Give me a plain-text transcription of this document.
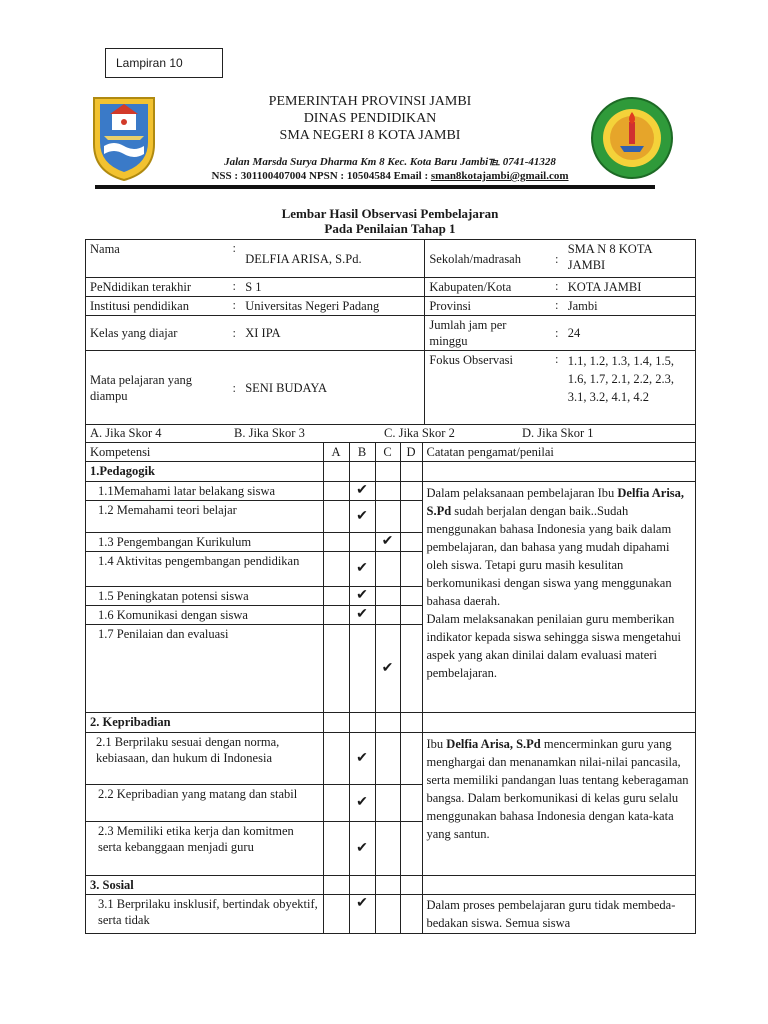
Lampiran 10
PEMERINTAH PROVINSI JAMBI
DINAS PENDIDIKAN
SMA NEGERI 8 KOTA JAMBI
Jalan Marsda Surya Dharma Km 8 Kec. Kota Baru Jambi℡ 0741-41328
NSS : 301100407004 NPSN : 10504584 Email : sman8kotajambi@gmail.com
Lembar Hasil Observasi Pembelajaran
Pada Penilaian Tahap 1
Nama	:	DELFIA ARISA, S.Pd.	Sekolah/madrasah	:	SMA N 8 KOTA JAMBI
PeNdidikan terakhir	:	S 1	Kabupaten/Kota	:	KOTA JAMBI
Institusi pendidikan	:	Universitas Negeri Padang	Provinsi	:	Jambi
Kelas yang diajar	:	XI IPA	Jumlah jam per minggu	:	24
Mata pelajaran yang diampu	:	SENI BUDAYA	Fokus Observasi	:	1.1, 1.2, 1.3, 1.4, 1.5, 1.6, 1.7, 2.1, 2.2, 2.3, 3.1, 3.2, 4.1, 4.2
A. Jika Skor 4 B. Jika Skor 3 C. Jika Skor 2 D. Jika Skor 1					
Kompetensi	A	B	C	D	Catatan pengamat/penilai
1.Pedagogik					
1.1Memahami latar belakang siswa		✔			Dalam pelaksanaan pembelajaran Ibu Delfia Arisa, S.Pd sudah berjalan dengan baik..Sudah menggunakan bahasa Indonesia yang baik dalam pembelajaran, dan bahasa yang mudah dipahami oleh siswa. Tetapi guru masih kesulitan berkomunikasi dengan siswa yang menggunakan bahasa daerah.
Dalam melaksanakan penilaian guru memberikan indikator kepada siswa sehingga siswa mengetahui aspek yang akan dinilai dalam evaluasi materi pembelajaran.
1.2 Memahami teori belajar		✔			
1.3 Pengembangan Kurikulum			✔		
1.4 Aktivitas pengembangan pendidikan		✔			
1.5 Peningkatan potensi siswa		✔			
1.6 Komunikasi dengan siswa		✔			
1.7 Penilaian dan evaluasi			✔		
2. Kepribadian					
2.1 Berprilaku sesuai dengan norma, kebiasaan, dan hukum di Indonesia		✔			Ibu Delfia Arisa, S.Pd mencerminkan guru yang menghargai dan menanamkan nilai-nilai pancasila, serta memiliki pandangan luas tentang keberagaman bangsa. Dalam berkomunikasi di kelas guru selalu menggunakan bahasa Indonesia dengan kata-kata yang santun.
2.2 Kepribadian yang matang dan stabil		✔			
2.3 Memiliki etika kerja dan komitmen serta kebanggaan menjadi guru		✔			
3. Sosial					
3.1 Berprilaku insklusif, bertindak obyektif, serta tidak		✔			Dalam proses pembelajaran guru tidak membeda-bedakan siswa. Semua siswa
